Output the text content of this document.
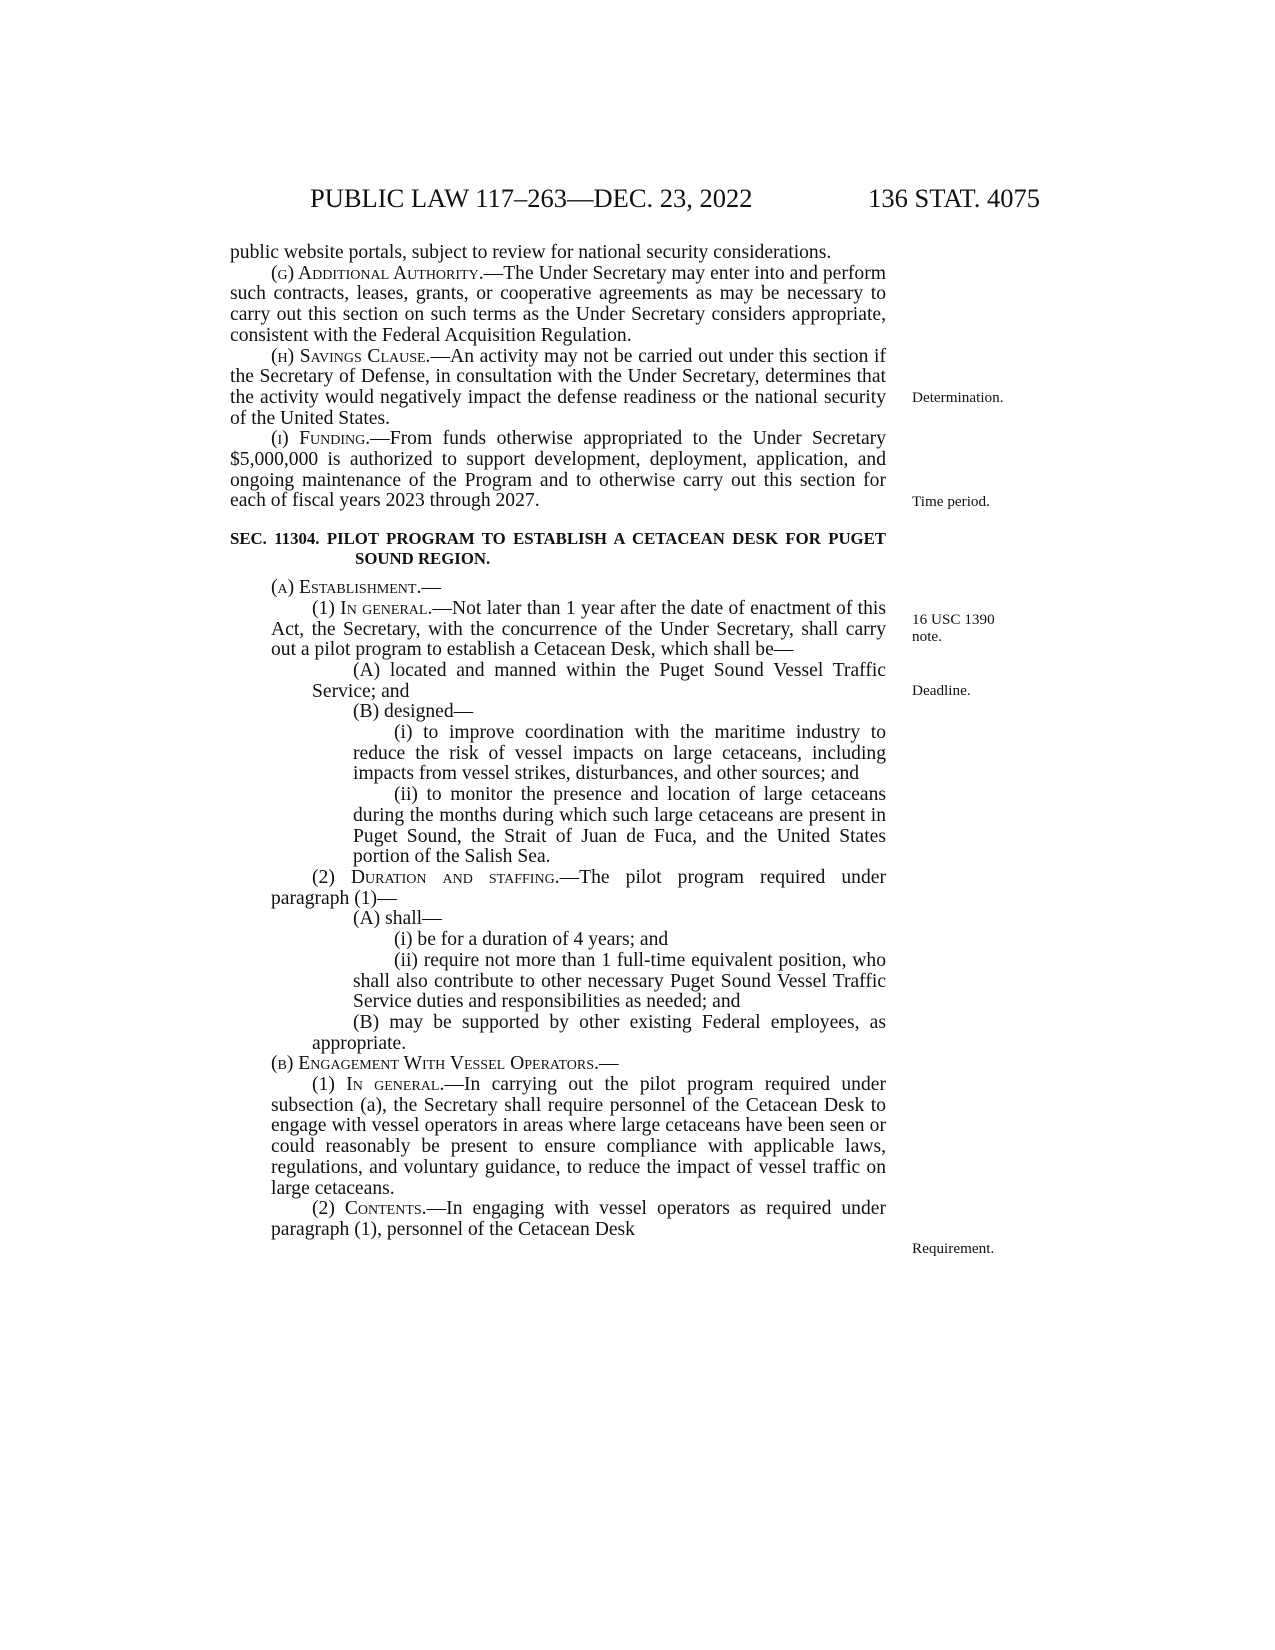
PUBLIC LAW 117–263—DEC. 23, 2022	136 STAT. 4075

public website portals, subject to review for national security considerations.

(g) Additional Authority.—The Under Secretary may enter into and perform such contracts, leases, grants, or cooperative agreements as may be necessary to carry out this section on such terms as the Under Secretary considers appropriate, consistent with the Federal Acquisition Regulation.

(h) Savings Clause.—An activity may not be carried out under this section if the Secretary of Defense, in consultation with the Under Secretary, determines that the activity would negatively impact the defense readiness or the national security of the United States.

(i) Funding.—From funds otherwise appropriated to the Under Secretary $5,000,000 is authorized to support development, deployment, application, and ongoing maintenance of the Program and to otherwise carry out this section for each of fiscal years 2023 through 2027.

SEC. 11304. PILOT PROGRAM TO ESTABLISH A CETACEAN DESK FOR PUGET SOUND REGION.

(a) Establishment.—

(1) In general.—Not later than 1 year after the date of enactment of this Act, the Secretary, with the concurrence of the Under Secretary, shall carry out a pilot program to establish a Cetacean Desk, which shall be—

(A) located and manned within the Puget Sound Vessel Traffic Service; and

(B) designed—

(i) to improve coordination with the maritime industry to reduce the risk of vessel impacts on large cetaceans, including impacts from vessel strikes, disturbances, and other sources; and

(ii) to monitor the presence and location of large cetaceans during the months during which such large cetaceans are present in Puget Sound, the Strait of Juan de Fuca, and the United States portion of the Salish Sea.

(2) Duration and staffing.—The pilot program required under paragraph (1)—

(A) shall—

(i) be for a duration of 4 years; and

(ii) require not more than 1 full-time equivalent position, who shall also contribute to other necessary Puget Sound Vessel Traffic Service duties and responsibilities as needed; and

(B) may be supported by other existing Federal employees, as appropriate.

(b) Engagement With Vessel Operators.—

(1) In general.—In carrying out the pilot program required under subsection (a), the Secretary shall require personnel of the Cetacean Desk to engage with vessel operators in areas where large cetaceans have been seen or could reasonably be present to ensure compliance with applicable laws, regulations, and voluntary guidance, to reduce the impact of vessel traffic on large cetaceans.

(2) Contents.—In engaging with vessel operators as required under paragraph (1), personnel of the Cetacean Desk

Determination.
Time period.
16 USC 1390 note.
Deadline.
Requirement.
